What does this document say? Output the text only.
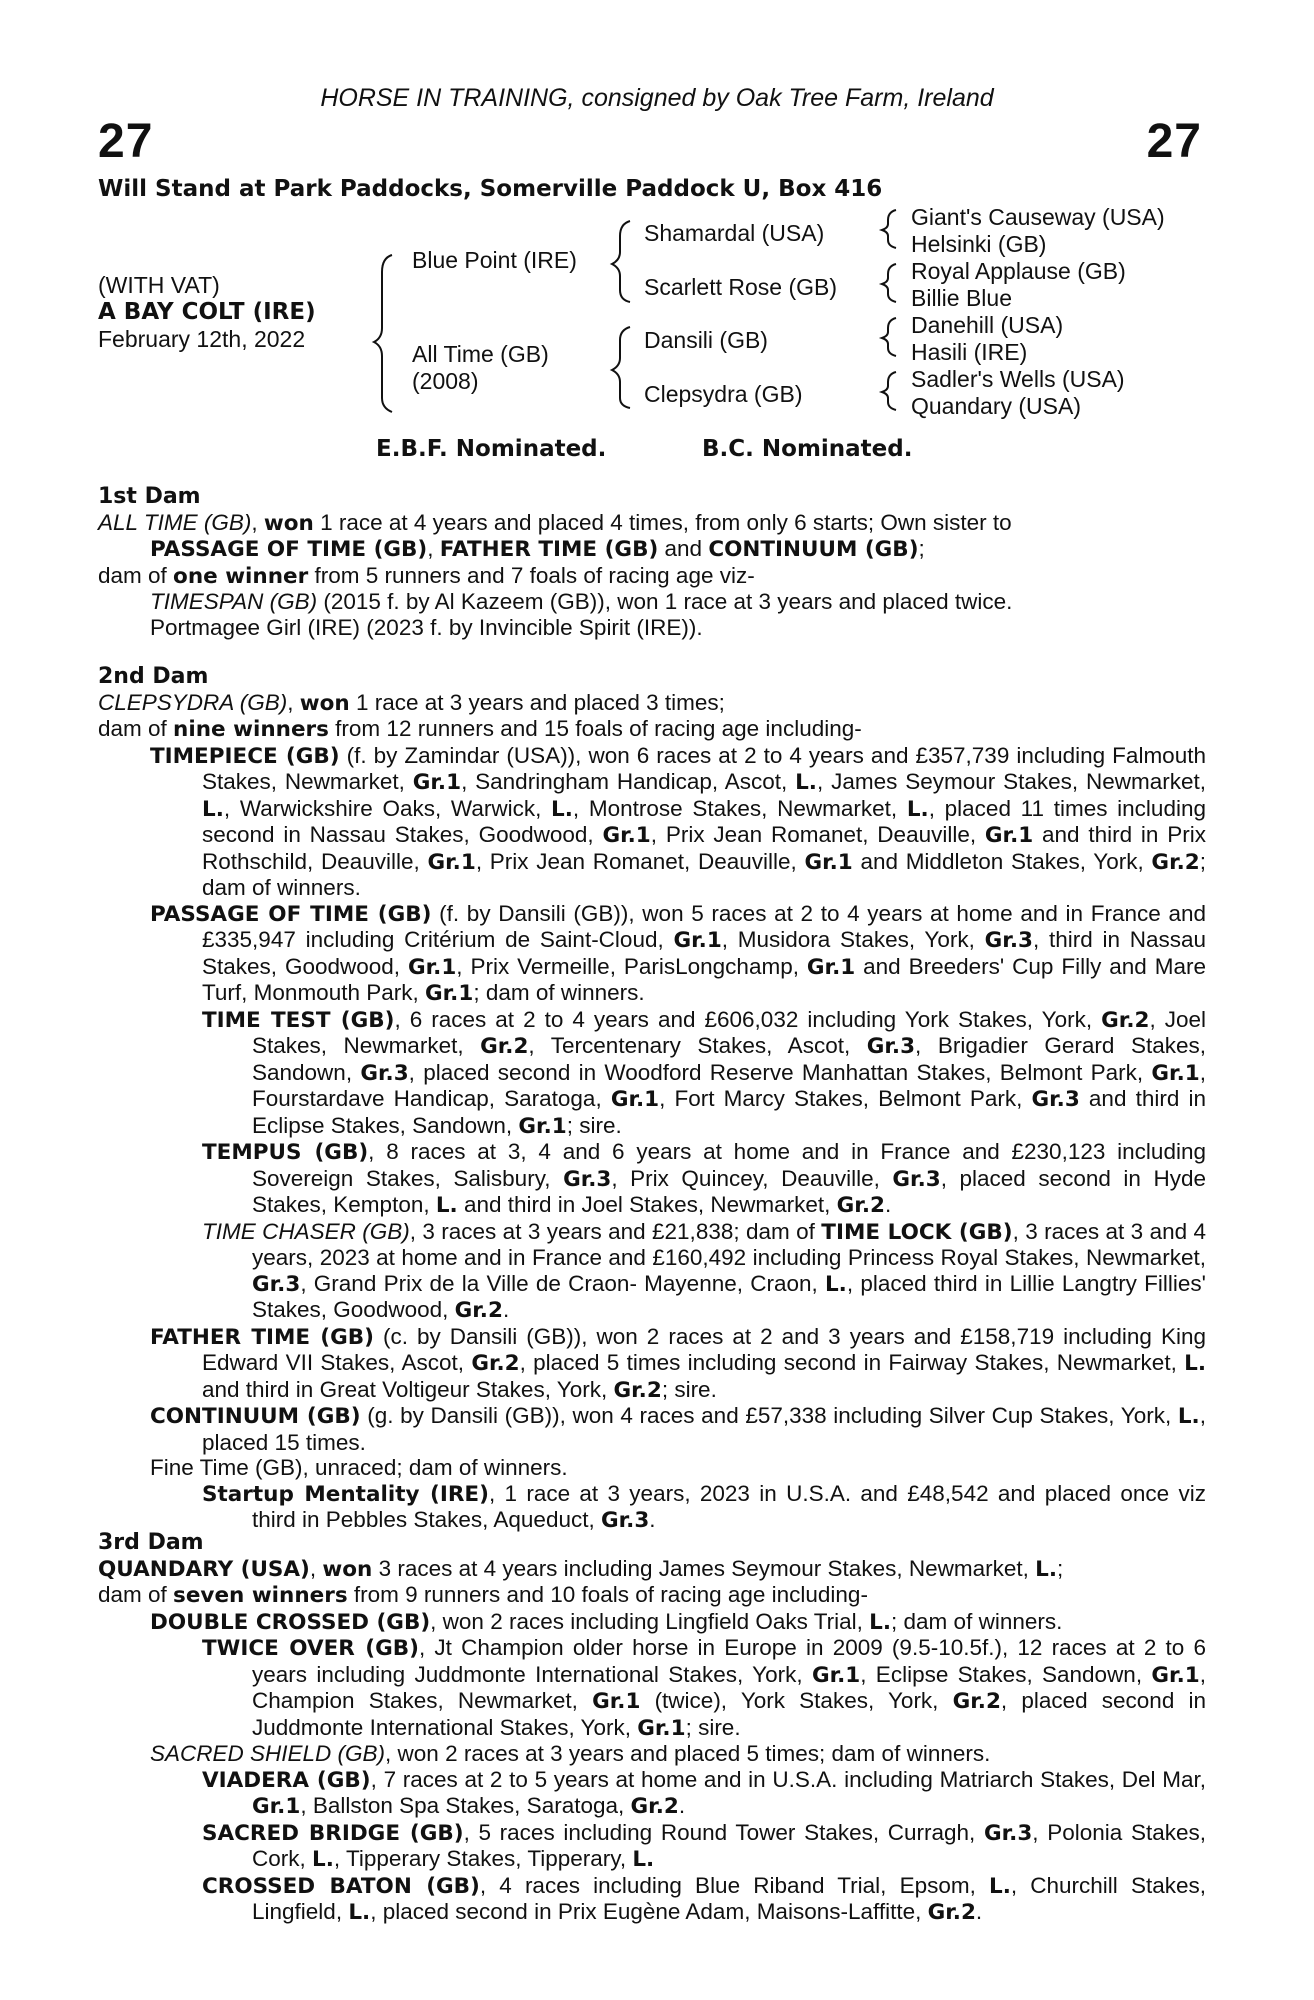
HORSE IN TRAINING, consigned by Oak Tree Farm, Ireland
27	27
Will Stand at Park Paddocks, Somerville Paddock U, Box 416
(WITH VAT)
A BAY COLT (IRE)
February 12th, 2022
Blue Point (IRE)
All Time (GB)
(2008)
Shamardal (USA)
Scarlett Rose (GB)
Dansili (GB)
Clepsydra (GB)
Giant's Causeway (USA)
Helsinki (GB)
Royal Applause (GB)
Billie Blue
Danehill (USA)
Hasili (IRE)
Sadler's Wells (USA)
Quandary (USA)
E.B.F. Nominated.	B.C. Nominated.
1st Dam
ALL TIME (GB), won 1 race at 4 years and placed 4 times, from only 6 starts; Own sister to
PASSAGE OF TIME (GB), FATHER TIME (GB) and CONTINUUM (GB);
dam of one winner from 5 runners and 7 foals of racing age viz-
TIMESPAN (GB) (2015 f. by Al Kazeem (GB)), won 1 race at 3 years and placed twice.
Portmagee Girl (IRE) (2023 f. by Invincible Spirit (IRE)).
2nd Dam
CLEPSYDRA (GB), won 1 race at 3 years and placed 3 times;
dam of nine winners from 12 runners and 15 foals of racing age including-
TIMEPIECE (GB) (f. by Zamindar (USA)), won 6 races at 2 to 4 years and £357,739 including Falmouth Stakes, Newmarket, Gr.1, Sandringham Handicap, Ascot, L., James Seymour Stakes, Newmarket, L., Warwickshire Oaks, Warwick, L., Montrose Stakes, Newmarket, L., placed 11 times including second in Nassau Stakes, Goodwood, Gr.1, Prix Jean Romanet, Deauville, Gr.1 and third in Prix Rothschild, Deauville, Gr.1, Prix Jean Romanet, Deauville, Gr.1 and Middleton Stakes, York, Gr.2; dam of winners.
PASSAGE OF TIME (GB) (f. by Dansili (GB)), won 5 races at 2 to 4 years at home and in France and £335,947 including Critérium de Saint-Cloud, Gr.1, Musidora Stakes, York, Gr.3, third in Nassau Stakes, Goodwood, Gr.1, Prix Vermeille, ParisLongchamp, Gr.1 and Breeders' Cup Filly and Mare Turf, Monmouth Park, Gr.1; dam of winners.
TIME TEST (GB), 6 races at 2 to 4 years and £606,032 including York Stakes, York, Gr.2, Joel Stakes, Newmarket, Gr.2, Tercentenary Stakes, Ascot, Gr.3, Brigadier Gerard Stakes, Sandown, Gr.3, placed second in Woodford Reserve Manhattan Stakes, Belmont Park, Gr.1, Fourstardave Handicap, Saratoga, Gr.1, Fort Marcy Stakes, Belmont Park, Gr.3 and third in Eclipse Stakes, Sandown, Gr.1; sire.
TEMPUS (GB), 8 races at 3, 4 and 6 years at home and in France and £230,123 including Sovereign Stakes, Salisbury, Gr.3, Prix Quincey, Deauville, Gr.3, placed second in Hyde Stakes, Kempton, L. and third in Joel Stakes, Newmarket, Gr.2.
TIME CHASER (GB), 3 races at 3 years and £21,838; dam of TIME LOCK (GB), 3 races at 3 and 4 years, 2023 at home and in France and £160,492 including Princess Royal Stakes, Newmarket, Gr.3, Grand Prix de la Ville de Craon- Mayenne, Craon, L., placed third in Lillie Langtry Fillies' Stakes, Goodwood, Gr.2.
FATHER TIME (GB) (c. by Dansili (GB)), won 2 races at 2 and 3 years and £158,719 including King Edward VII Stakes, Ascot, Gr.2, placed 5 times including second in Fairway Stakes, Newmarket, L. and third in Great Voltigeur Stakes, York, Gr.2; sire.
CONTINUUM (GB) (g. by Dansili (GB)), won 4 races and £57,338 including Silver Cup Stakes, York, L., placed 15 times.
Fine Time (GB), unraced; dam of winners.
Startup Mentality (IRE), 1 race at 3 years, 2023 in U.S.A. and £48,542 and placed once viz third in Pebbles Stakes, Aqueduct, Gr.3.
3rd Dam
QUANDARY (USA), won 3 races at 4 years including James Seymour Stakes, Newmarket, L.;
dam of seven winners from 9 runners and 10 foals of racing age including-
DOUBLE CROSSED (GB), won 2 races including Lingfield Oaks Trial, L.; dam of winners.
TWICE OVER (GB), Jt Champion older horse in Europe in 2009 (9.5-10.5f.), 12 races at 2 to 6 years including Juddmonte International Stakes, York, Gr.1, Eclipse Stakes, Sandown, Gr.1, Champion Stakes, Newmarket, Gr.1 (twice), York Stakes, York, Gr.2, placed second in Juddmonte International Stakes, York, Gr.1; sire.
SACRED SHIELD (GB), won 2 races at 3 years and placed 5 times; dam of winners.
VIADERA (GB), 7 races at 2 to 5 years at home and in U.S.A. including Matriarch Stakes, Del Mar, Gr.1, Ballston Spa Stakes, Saratoga, Gr.2.
SACRED BRIDGE (GB), 5 races including Round Tower Stakes, Curragh, Gr.3, Polonia Stakes, Cork, L., Tipperary Stakes, Tipperary, L.
CROSSED BATON (GB), 4 races including Blue Riband Trial, Epsom, L., Churchill Stakes, Lingfield, L., placed second in Prix Eugène Adam, Maisons-Laffitte, Gr.2.
